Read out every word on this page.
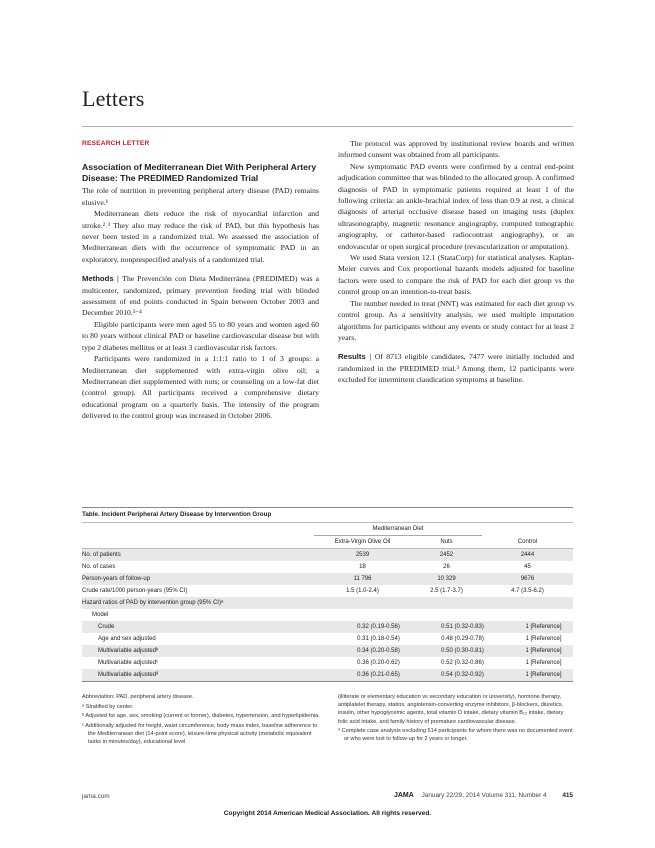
Letters

RESEARCH LETTER

Association of Mediterranean Diet With Peripheral Artery Disease: The PREDIMED Randomized Trial

The role of nutrition in preventing peripheral artery disease (PAD) remains elusive.¹

Mediterranean diets reduce the risk of myocardial infarction and stroke.²˒³ They also may reduce the risk of PAD, but this hypothesis has never been tested in a randomized trial. We assessed the association of Mediterranean diets with the occurrence of symptomatic PAD in an exploratory, nonprespecified analysis of a randomized trial.

Methods | The Prevención con Dieta Mediterránea (PREDIMED) was a multicenter, randomized, primary prevention feeding trial with blinded assessment of end points conducted in Spain between October 2003 and December 2010.³⁻⁴

Eligible participants were men aged 55 to 80 years and women aged 60 to 80 years without clinical PAD or baseline cardiovascular disease but with type 2 diabetes mellitus or at least 3 cardiovascular risk factors.

Participants were randomized in a 1:1:1 ratio to 1 of 3 groups: a Mediterranean diet supplemented with extra-virgin olive oil; a Mediterranean diet supplemented with nuts; or counseling on a low-fat diet (control group). All participants received a comprehensive dietary educational program on a quarterly basis. The intensity of the program delivered to the control group was increased in October 2006.

The protocol was approved by institutional review boards and written informed consent was obtained from all participants.

New symptomatic PAD events were confirmed by a central end-point adjudication committee that was blinded to the allocated group. A confirmed diagnosis of PAD in symptomatic patients required at least 1 of the following criteria: an ankle-brachial index of less than 0.9 at rest, a clinical diagnosis of arterial occlusive disease based on imaging tests (duplex ultrasonography, magnetic resonance angiography, computed tomographic angiography, or catheter-based radiocontrast angiography), or an endovascular or open surgical procedure (revascularization or amputation).

We used Stata version 12.1 (StataCorp) for statistical analyses. Kaplan-Meier curves and Cox proportional hazards models adjusted for baseline factors were used to compare the risk of PAD for each diet group vs the control group on an intention-to-treat basis.

The number needed to treat (NNT) was estimated for each diet group vs control group. As a sensitivity analysis, we used multiple imputation algorithms for participants without any events or study contact for at least 2 years.

Results | Of 8713 eligible candidates, 7477 were initially included and randomized in the PREDIMED trial.³ Among them, 12 participants were excluded for intermittent claudication symptoms at baseline.

Table. Incident Peripheral Artery Disease by Intervention Group
Mediterranean Diet
Extra-Virgin Olive Oil	Nuts	Control
No. of patients	2539	2452	2444
No. of cases	18	26	45
Person-years of follow-up	11 796	10 329	9676
Crude rate/1000 person-years (95% CI)	1.5 (1.0-2.4)	2.5 (1.7-3.7)	4.7 (3.5-6.2)
Hazard ratios of PAD by intervention group (95% CI)ᵃ
Model
Crude	0.32 (0.19-0.56)	0.51 (0.32-0.83)	1 [Reference]
Age and sex adjusted	0.31 (0.18-0.54)	0.48 (0.29-0.78)	1 [Reference]
Multivariable adjustedᵇ	0.34 (0.20-0.58)	0.50 (0.30-0.81)	1 [Reference]
Multivariable adjustedᶜ	0.36 (0.20-0.62)	0.52 (0.32-0.86)	1 [Reference]
Multivariable adjustedᵈ	0.36 (0.21-0.65)	0.54 (0.32-0.92)	1 [Reference]

Abbreviation: PAD, peripheral artery disease.

ᵃ Stratified by center.

ᵇ Adjusted for age, sex, smoking (current or former), diabetes, hypertension, and hyperlipidemia.

ᶜ Additionally adjusted for height, waist circumference, body mass index, baseline adherence to the Mediterranean diet (14-point score), leisure-time physical activity (metabolic equivalent tasks in minutes/day), educational level

(illiterate or elementary education vs secondary education or university), hormone therapy, antiplatelet therapy, statins, angiotensin-converting enzyme inhibitors, β-blockers, diuretics, insulin, other hypoglycemic agents, total vitamin D intake, dietary vitamin B₁₂ intake, dietary folic acid intake, and family history of premature cardiovascular disease.

ᵈ Complete case analysis excluding 514 participants for whom there was no documented event or who were lost to follow-up for 2 years or longer.

jama.com	JAMA January 22/29, 2014 Volume 311, Number 4 415
Copyright 2014 American Medical Association. All rights reserved.
